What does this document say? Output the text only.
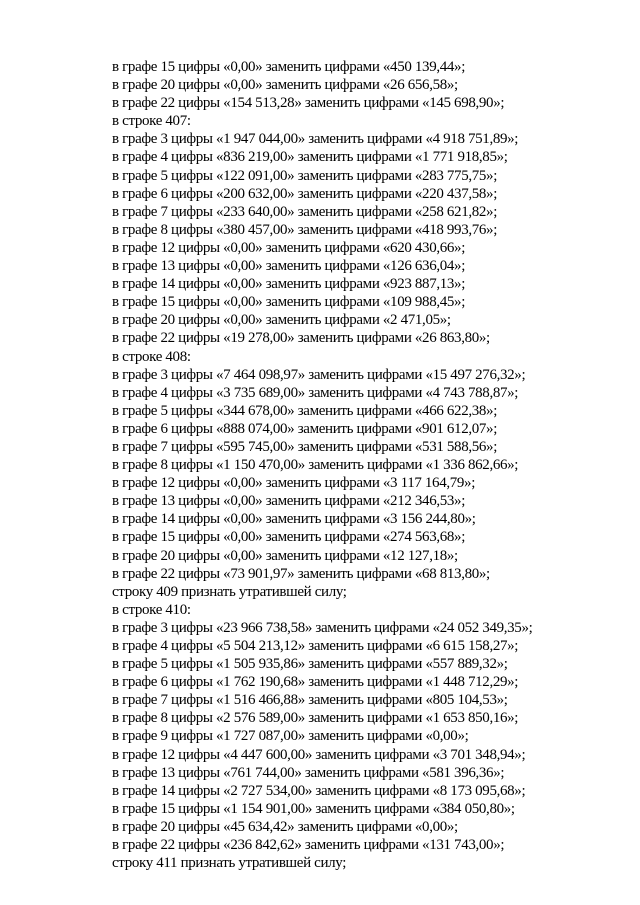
в графе 15 цифры «0,00» заменить цифрами «450 139,44»;
в графе 20 цифры «0,00» заменить цифрами «26 656,58»;
в графе 22 цифры «154 513,28» заменить цифрами «145 698,90»;
в строке 407:
в графе 3 цифры «1 947 044,00» заменить цифрами «4 918 751,89»;
в графе 4 цифры «836 219,00» заменить цифрами «1 771 918,85»;
в графе 5 цифры «122 091,00» заменить цифрами «283 775,75»;
в графе 6 цифры «200 632,00» заменить цифрами «220 437,58»;
в графе 7 цифры «233 640,00» заменить цифрами «258 621,82»;
в графе 8 цифры «380 457,00» заменить цифрами «418 993,76»;
в графе 12 цифры «0,00» заменить цифрами «620 430,66»;
в графе 13 цифры «0,00» заменить цифрами «126 636,04»;
в графе 14 цифры «0,00» заменить цифрами «923 887,13»;
в графе 15 цифры «0,00» заменить цифрами «109 988,45»;
в графе 20 цифры «0,00» заменить цифрами «2 471,05»;
в графе 22 цифры «19 278,00» заменить цифрами «26 863,80»;
в строке 408:
в графе 3 цифры «7 464 098,97» заменить цифрами «15 497 276,32»;
в графе 4 цифры «3 735 689,00» заменить цифрами «4 743 788,87»;
в графе 5 цифры «344 678,00» заменить цифрами «466 622,38»;
в графе 6 цифры «888 074,00» заменить цифрами «901 612,07»;
в графе 7 цифры «595 745,00» заменить цифрами «531 588,56»;
в графе 8 цифры «1 150 470,00» заменить цифрами «1 336 862,66»;
в графе 12 цифры «0,00» заменить цифрами «3 117 164,79»;
в графе 13 цифры «0,00» заменить цифрами «212 346,53»;
в графе 14 цифры «0,00» заменить цифрами «3 156 244,80»;
в графе 15 цифры «0,00» заменить цифрами «274 563,68»;
в графе 20 цифры «0,00» заменить цифрами «12 127,18»;
в графе 22 цифры «73 901,97» заменить цифрами «68 813,80»;
строку 409 признать утратившей силу;
в строке 410:
в графе 3 цифры «23 966 738,58» заменить цифрами «24 052 349,35»;
в графе 4 цифры «5 504 213,12» заменить цифрами «6 615 158,27»;
в графе 5 цифры «1 505 935,86» заменить цифрами «557 889,32»;
в графе 6 цифры «1 762 190,68» заменить цифрами «1 448 712,29»;
в графе 7 цифры «1 516 466,88» заменить цифрами «805 104,53»;
в графе 8 цифры «2 576 589,00» заменить цифрами «1 653 850,16»;
в графе 9 цифры «1 727 087,00» заменить цифрами «0,00»;
в графе 12 цифры «4 447 600,00» заменить цифрами «3 701 348,94»;
в графе 13 цифры «761 744,00» заменить цифрами «581 396,36»;
в графе 14 цифры «2 727 534,00» заменить цифрами «8 173 095,68»;
в графе 15 цифры «1 154 901,00» заменить цифрами «384 050,80»;
в графе 20 цифры «45 634,42» заменить цифрами «0,00»;
в графе 22 цифры «236 842,62» заменить цифрами «131 743,00»;
строку 411 признать утратившей силу;
